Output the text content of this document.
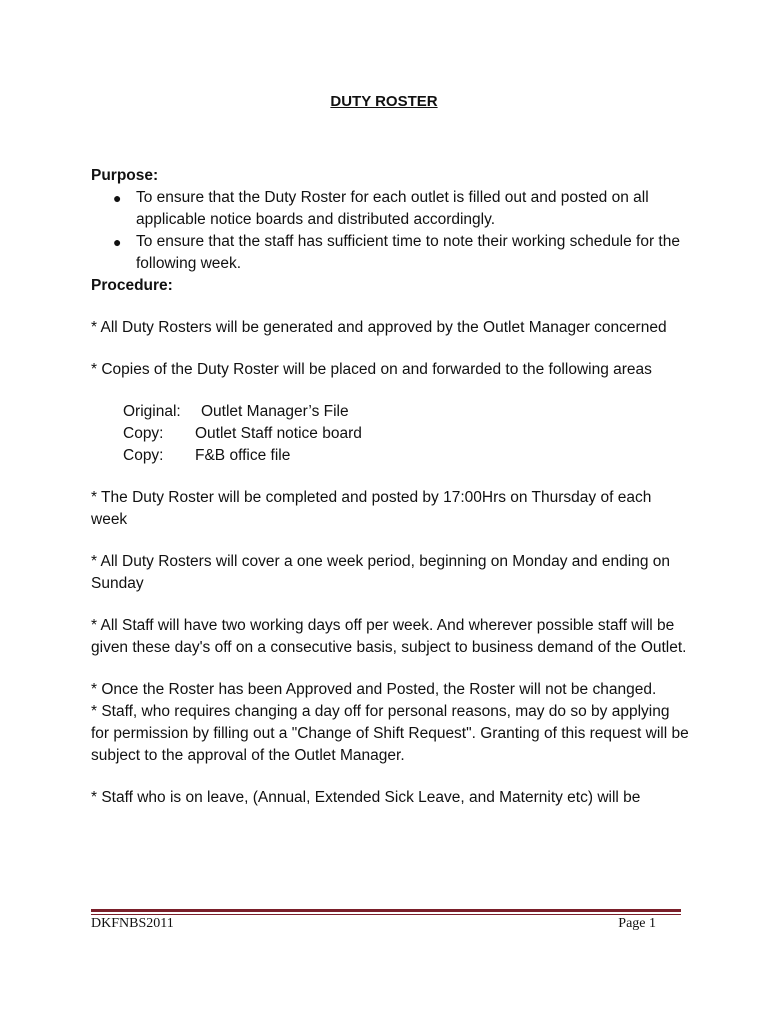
DUTY ROSTER
Purpose:
● To ensure that the Duty Roster for each outlet is filled out and posted on all applicable notice boards and distributed accordingly.
● To ensure that the staff has sufficient time to note their working schedule for the following week.
Procedure:

* All Duty Rosters will be generated and approved by the Outlet Manager concerned

* Copies of the Duty Roster will be placed on and forwarded to the following areas

Original:	Outlet Manager’s File
Copy:	Outlet Staff notice board
Copy:	F&B office file

* The Duty Roster will be completed and posted by 17:00Hrs on Thursday of each week

* All Duty Rosters will cover a one week period, beginning on Monday and ending on Sunday

* All Staff will have two working days off per week. And wherever possible staff will be given these day's off on a consecutive basis, subject to business demand of the Outlet.

* Once the Roster has been Approved and Posted, the Roster will not be changed.

* Staff, who requires changing a day off for personal reasons, may do so by applying for permission by filling out a "Change of Shift Request". Granting of this request will be subject to the approval of the Outlet Manager.

* Staff who is on leave, (Annual, Extended Sick Leave, and Maternity etc) will be

DKFNBS2011	Page 1
